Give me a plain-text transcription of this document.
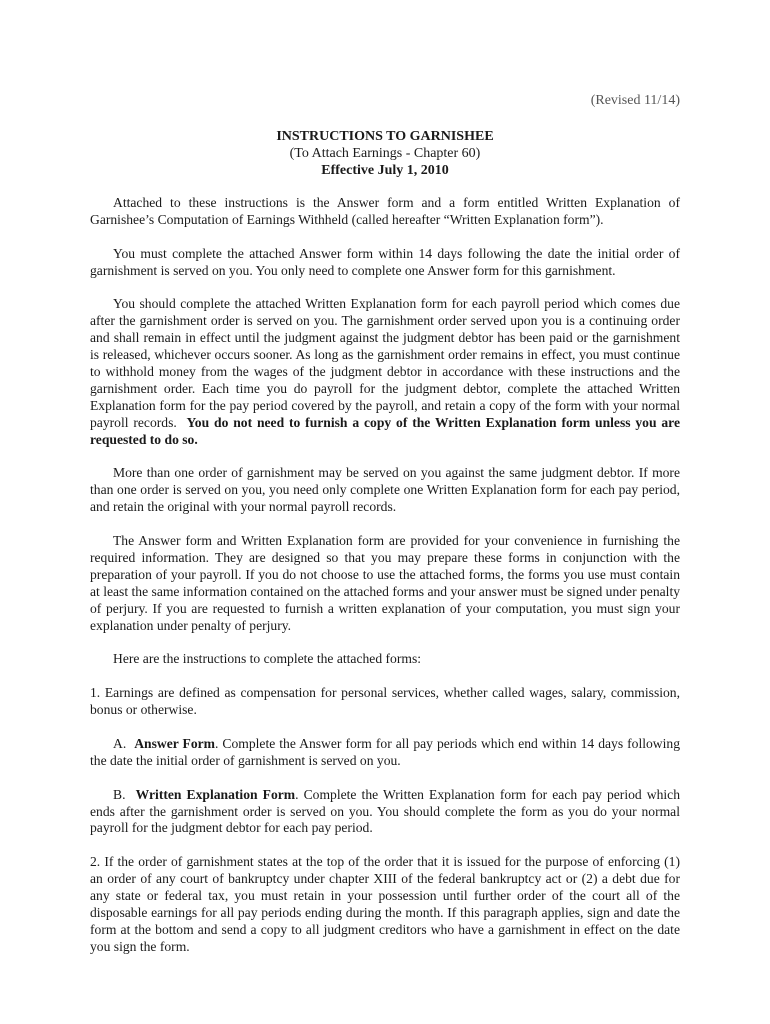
(Revised 11/14)
INSTRUCTIONS TO GARNISHEE
(To Attach Earnings - Chapter 60)
Effective July 1, 2010

Attached to these instructions is the Answer form and a form entitled Written Explanation of Garnishee’s Computation of Earnings Withheld (called hereafter “Written Explanation form”).

You must complete the attached Answer form within 14 days following the date the initial order of garnishment is served on you. You only need to complete one Answer form for this garnishment.

You should complete the attached Written Explanation form for each payroll period which comes due after the garnishment order is served on you. The garnishment order served upon you is a continuing order and shall remain in effect until the judgment against the judgment debtor has been paid or the garnishment is released, whichever occurs sooner. As long as the garnishment order remains in effect, you must continue to withhold money from the wages of the judgment debtor in accordance with these instructions and the garnishment order. Each time you do payroll for the judgment debtor, complete the attached Written Explanation form for the pay period covered by the payroll, and retain a copy of the form with your normal payroll records. You do not need to furnish a copy of the Written Explanation form unless you are requested to do so.

More than one order of garnishment may be served on you against the same judgment debtor. If more than one order is served on you, you need only complete one Written Explanation form for each pay period, and retain the original with your normal payroll records.

The Answer form and Written Explanation form are provided for your convenience in furnishing the required information. They are designed so that you may prepare these forms in conjunction with the preparation of your payroll. If you do not choose to use the attached forms, the forms you use must contain at least the same information contained on the attached forms and your answer must be signed under penalty of perjury. If you are requested to furnish a written explanation of your computation, you must sign your explanation under penalty of perjury.

Here are the instructions to complete the attached forms:

1. Earnings are defined as compensation for personal services, whether called wages, salary, commission, bonus or otherwise.

A. Answer Form. Complete the Answer form for all pay periods which end within 14 days following the date the initial order of garnishment is served on you.

B. Written Explanation Form. Complete the Written Explanation form for each pay period which ends after the garnishment order is served on you. You should complete the form as you do your normal payroll for the judgment debtor for each pay period.

2. If the order of garnishment states at the top of the order that it is issued for the purpose of enforcing (1) an order of any court of bankruptcy under chapter XIII of the federal bankruptcy act or (2) a debt due for any state or federal tax, you must retain in your possession until further order of the court all of the disposable earnings for all pay periods ending during the month. If this paragraph applies, sign and date the form at the bottom and send a copy to all judgment creditors who have a garnishment in effect on the date you sign the form.
